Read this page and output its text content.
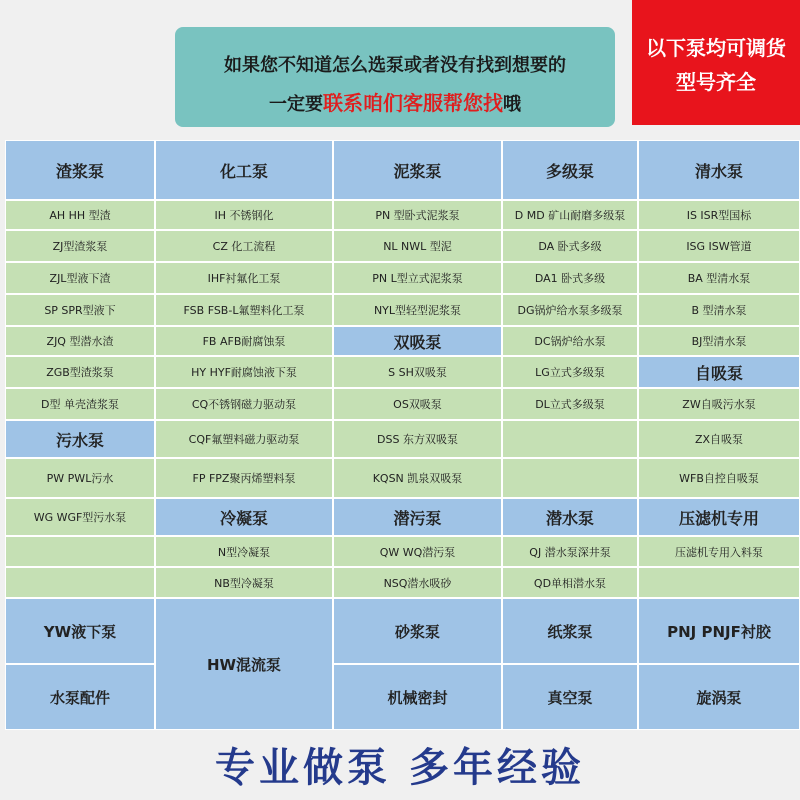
如果您不知道怎么选泵或者没有找到想要的
一定要联系咱们客服帮您找哦
以下泵均可调货
型号齐全
渣浆泵
AH HH 型渣
ZJ型渣浆泵
ZJL型液下渣
SP SPR型液下
ZJQ 型潜水渣
ZGB型渣浆泵
D型 单壳渣浆泵
污水泵
PW PWL污水
WG WGF型污水泵
化工泵
IH 不锈钢化
CZ 化工流程
IHF衬氟化工泵
FSB FSB-L氟塑料化工泵
FB AFB耐腐蚀泵
HY HYF耐腐蚀液下泵
CQ不锈钢磁力驱动泵
CQF氟塑料磁力驱动泵
FP FPZ聚丙烯塑料泵
冷凝泵
N型冷凝泵
NB型冷凝泵
泥浆泵
PN 型卧式泥浆泵
NL NWL 型泥
PN L型立式泥浆泵
NYL型轻型泥浆泵
双吸泵
S SH双吸泵
OS双吸泵
DSS 东方双吸泵
KQSN 凯泉双吸泵
潜污泵
QW WQ潜污泵
NSQ潜水吸砂
多级泵
D MD 矿山耐磨多级泵
DA 卧式多级
DA1 卧式多级
DG锅炉给水泵多级泵
DC锅炉给水泵
LG立式多级泵
DL立式多级泵
潜水泵
QJ 潜水泵深井泵
QD单相潜水泵
清水泵
IS ISR型国标
ISG ISW管道
BA 型清水泵
B 型清水泵
BJ型清水泵
自吸泵
ZW自吸污水泵
ZX自吸泵
WFB自控自吸泵
压滤机专用
压滤机专用入料泵
YW液下泵
水泵配件
HW混流泵
砂浆泵
机械密封
纸浆泵
真空泵
PNJ PNJF衬胶
旋涡泵
专业做泵 多年经验
